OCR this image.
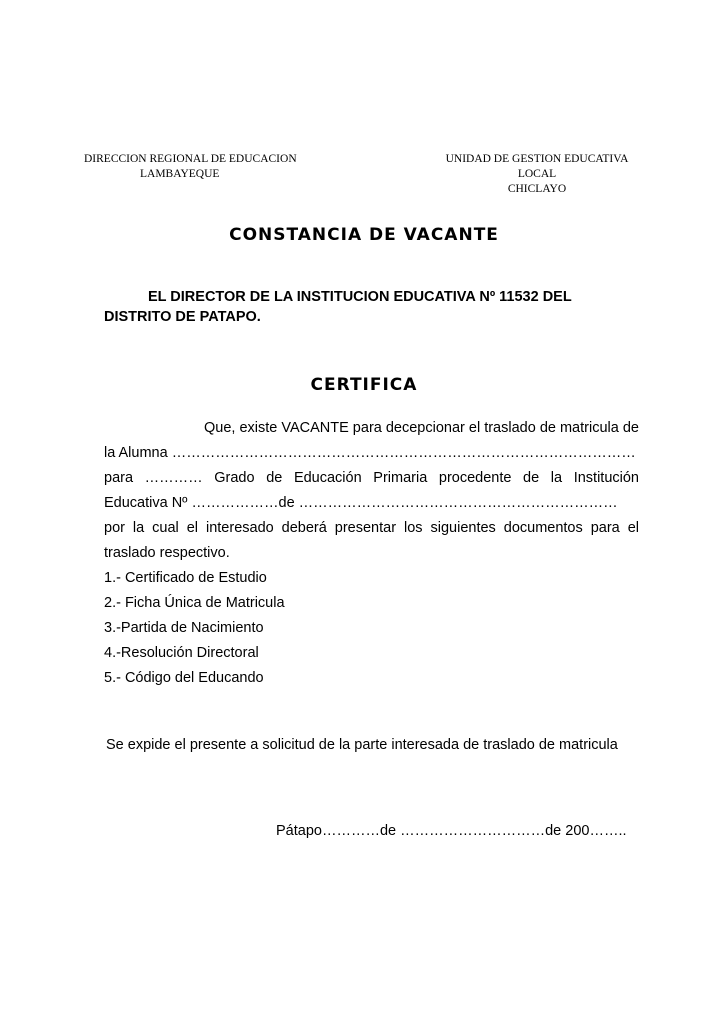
DIRECCION REGIONAL DE EDUCACION
LAMBAYEQUE
UNIDAD DE GESTION EDUCATIVA LOCAL
CHICLAYO
CONSTANCIA DE VACANTE
EL DIRECTOR DE LA INSTITUCION EDUCATIVA Nº 11532 DEL
DISTRITO DE PATAPO.
CERTIFICA
Que, existe VACANTE para decepcionar el traslado de matricula de
la Alumna ……………………………………………………………………………………
para ………… Grado de Educación Primaria procedente de la Institución
Educativa Nº ………………de …………………………………………………………
por la cual el interesado deberá presentar los siguientes documentos para el
traslado respectivo.
1.- Certificado de Estudio
2.- Ficha Única de Matricula
3.-Partida de Nacimiento
4.-Resolución Directoral
5.- Código del Educando
Se expide el presente a solicitud de la parte interesada de traslado de matricula
Pátapo…………de …………………………de 200……..
